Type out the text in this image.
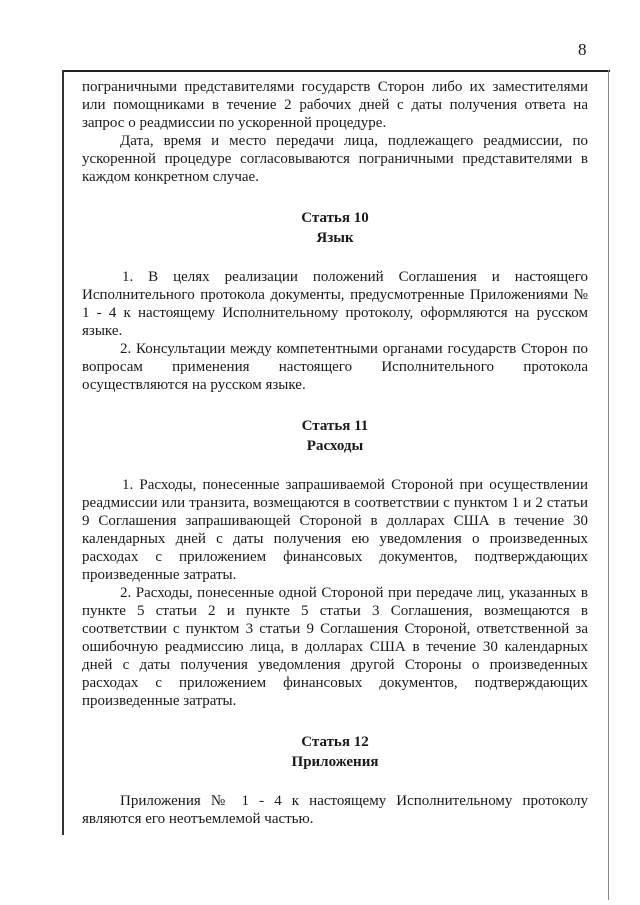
8

пограничными представителями государств Сторон либо их заместителями или помощниками в течение 2 рабочих дней с даты получения ответа на запрос о реадмиссии по ускоренной процедуре.

Дата, время и место передачи лица, подлежащего реадмиссии, по ускоренной процедуре согласовываются пограничными представителями в каждом конкретном случае.

Статья 10
Язык

1. В целях реализации положений Соглашения и настоящего Исполнительного протокола документы, предусмотренные Приложениями № 1 - 4 к настоящему Исполнительному протоколу, оформляются на русском языке.

2. Консультации между компетентными органами государств Сторон по вопросам применения настоящего Исполнительного протокола осуществляются на русском языке.

Статья 11
Расходы

1. Расходы, понесенные запрашиваемой Стороной при осуществлении реадмиссии или транзита, возмещаются в соответствии с пунктом 1 и 2 статьи 9 Соглашения запрашивающей Стороной в долларах США в течение 30 календарных дней с даты получения ею уведомления о произведенных расходах с приложением финансовых документов, подтверждающих произведенные затраты.

2. Расходы, понесенные одной Стороной при передаче лиц, указанных в пункте 5 статьи 2 и пункте 5 статьи 3 Соглашения, возмещаются в соответствии с пунктом 3 статьи 9 Соглашения Стороной, ответственной за ошибочную реадмиссию лица, в долларах США в течение 30 календарных дней с даты получения уведомления другой Стороны о произведенных расходах с приложением финансовых документов, подтверждающих произведенные затраты.

Статья 12
Приложения

Приложения № 1 - 4 к настоящему Исполнительному протоколу являются его неотъемлемой частью.
